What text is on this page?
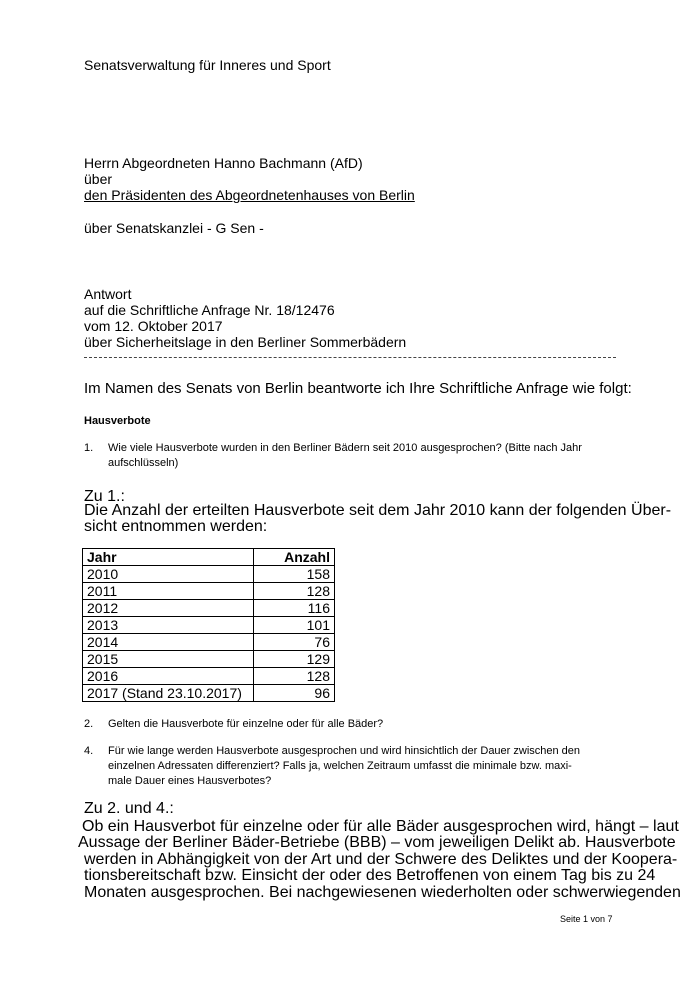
Senatsverwaltung für Inneres und Sport
Herrn Abgeordneten Hanno Bachmann (AfD)
über
den Präsidenten des Abgeordnetenhauses von Berlin
über Senatskanzlei - G Sen -
Antwort
auf die Schriftliche Anfrage Nr. 18/12476
vom 12. Oktober 2017
über Sicherheitslage in den Berliner Sommerbädern
Im Namen des Senats von Berlin beantworte ich Ihre Schriftliche Anfrage wie folgt:
Hausverbote
1. Wie viele Hausverbote wurden in den Berliner Bädern seit 2010 ausgesprochen? (Bitte nach Jahr
aufschlüsseln)
Zu 1.:
Die Anzahl der erteilten Hausverbote seit dem Jahr 2010 kann der folgenden Über-
sicht entnommen werden:
Jahr	Anzahl
2010	158
2011	128
2012	116
2013	101
2014	76
2015	129
2016	128
2017 (Stand 23.10.2017)	96
2. Gelten die Hausverbote für einzelne oder für alle Bäder?
4. Für wie lange werden Hausverbote ausgesprochen und wird hinsichtlich der Dauer zwischen den
einzelnen Adressaten differenziert? Falls ja, welchen Zeitraum umfasst die minimale bzw. maxi-
male Dauer eines Hausverbotes?
Zu 2. und 4.:
Ob ein Hausverbot für einzelne oder für alle Bäder ausgesprochen wird, hängt – laut
Aussage der Berliner Bäder-Betriebe (BBB) – vom jeweiligen Delikt ab. Hausverbote
werden in Abhängigkeit von der Art und der Schwere des Deliktes und der Koopera-
tionsbereitschaft bzw. Einsicht der oder des Betroffenen von einem Tag bis zu 24
Monaten ausgesprochen. Bei nachgewiesenen wiederholten oder schwerwiegenden
Seite 1 von 7
